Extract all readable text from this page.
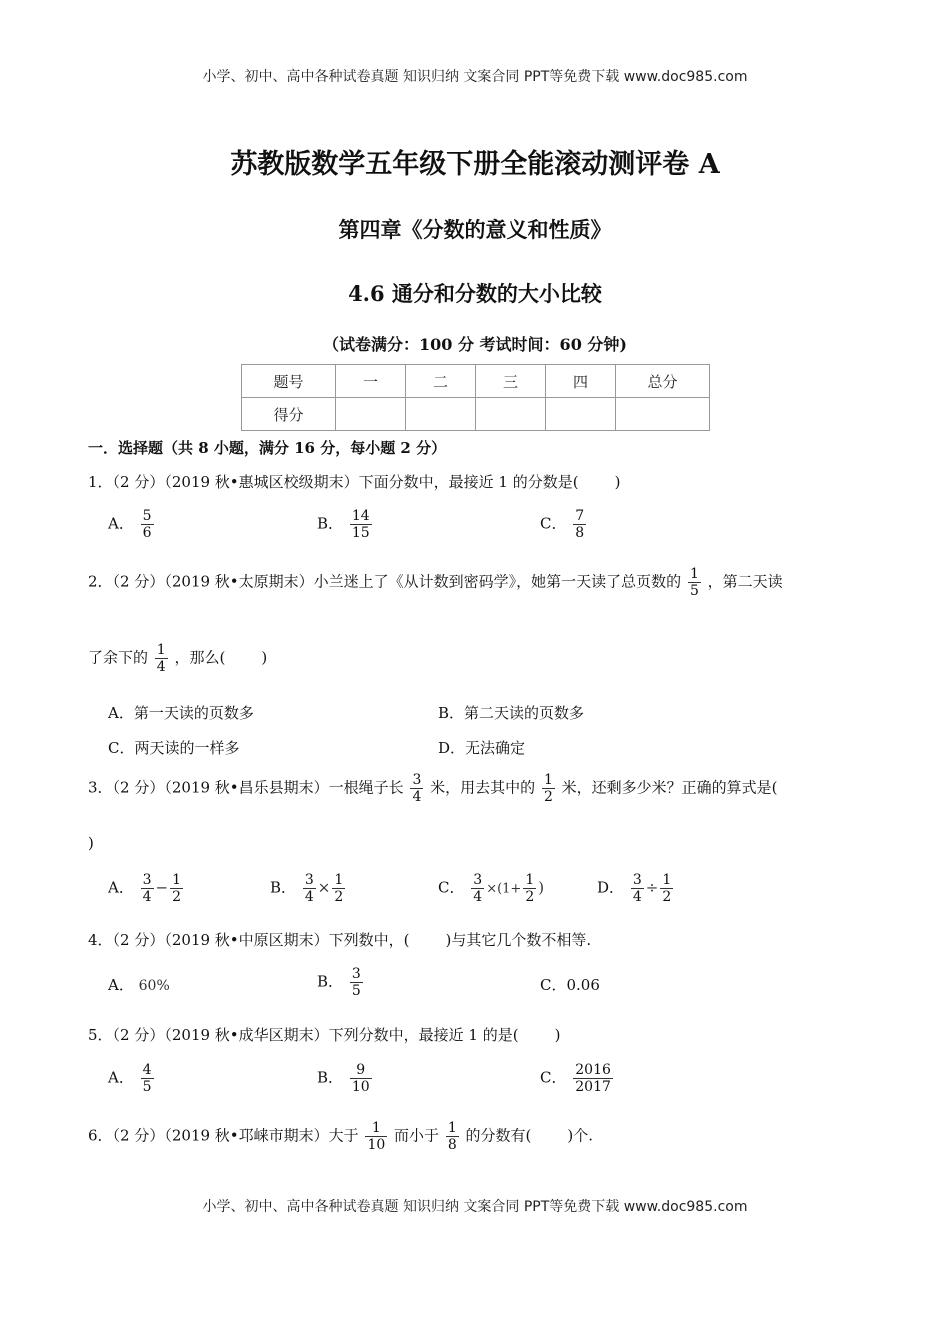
小学、初中、高中各种试卷真题 知识归纳 文案合同 PPT等免费下载 www.doc985.com
苏教版数学五年级下册全能滚动测评卷 A
第四章《分数的意义和性质》
4.6 通分和分数的大小比较
（试卷满分：100 分 考试时间：60 分钟)
题号	一	二	三	四	总分
得分					
一．选择题（共 8 小题，满分 16 分，每小题 2 分）
1．（2 分）（2019 秋•惠城区校级期末）下面分数中，最接近 1 的分数是( )
A． $\frac{5}{6}$	B． $\frac{14}{15}$	C． $\frac{7}{8}$
2．（2 分）（2019 秋•太原期末）小兰迷上了《从计数到密码学》，她第一天读了总页数的 $\frac{1}{5}$ ，第二天读
了余下的 $\frac{1}{4}$ ，那么( )
A．第一天读的页数多	B．第二天读的页数多
C．两天读的一样多	D．无法确定
3．（2 分）（2019 秋•昌乐县期末）一根绳子长 $\frac{3}{4}$ 米，用去其中的 $\frac{1}{2}$ 米，还剩多少米？正确的算式是(
)
A． $\frac{3}{4} - \frac{1}{2}$	B． $\frac{3}{4} \times \frac{1}{2}$	C． $\frac{3}{4} \times(1+ \frac{1}{2}$ )	D． $\frac{3}{4} \div \frac{1}{2}$
4．（2 分）（2019 秋•中原区期末）下列数中，( )与其它几个数不相等.
A． 60%	B． $\frac{3}{5}$	C．0.06
5．（2 分）（2019 秋•成华区期末）下列分数中，最接近 1 的是( )
A． $\frac{4}{5}$	B． $\frac{9}{10}$	C． $\frac{2016}{2017}$
6．（2 分）（2019 秋•邛崃市期末）大于 $\frac{1}{10}$ 而小于 $\frac{1}{8}$ 的分数有( )个.
小学、初中、高中各种试卷真题 知识归纳 文案合同 PPT等免费下载 www.doc985.com
